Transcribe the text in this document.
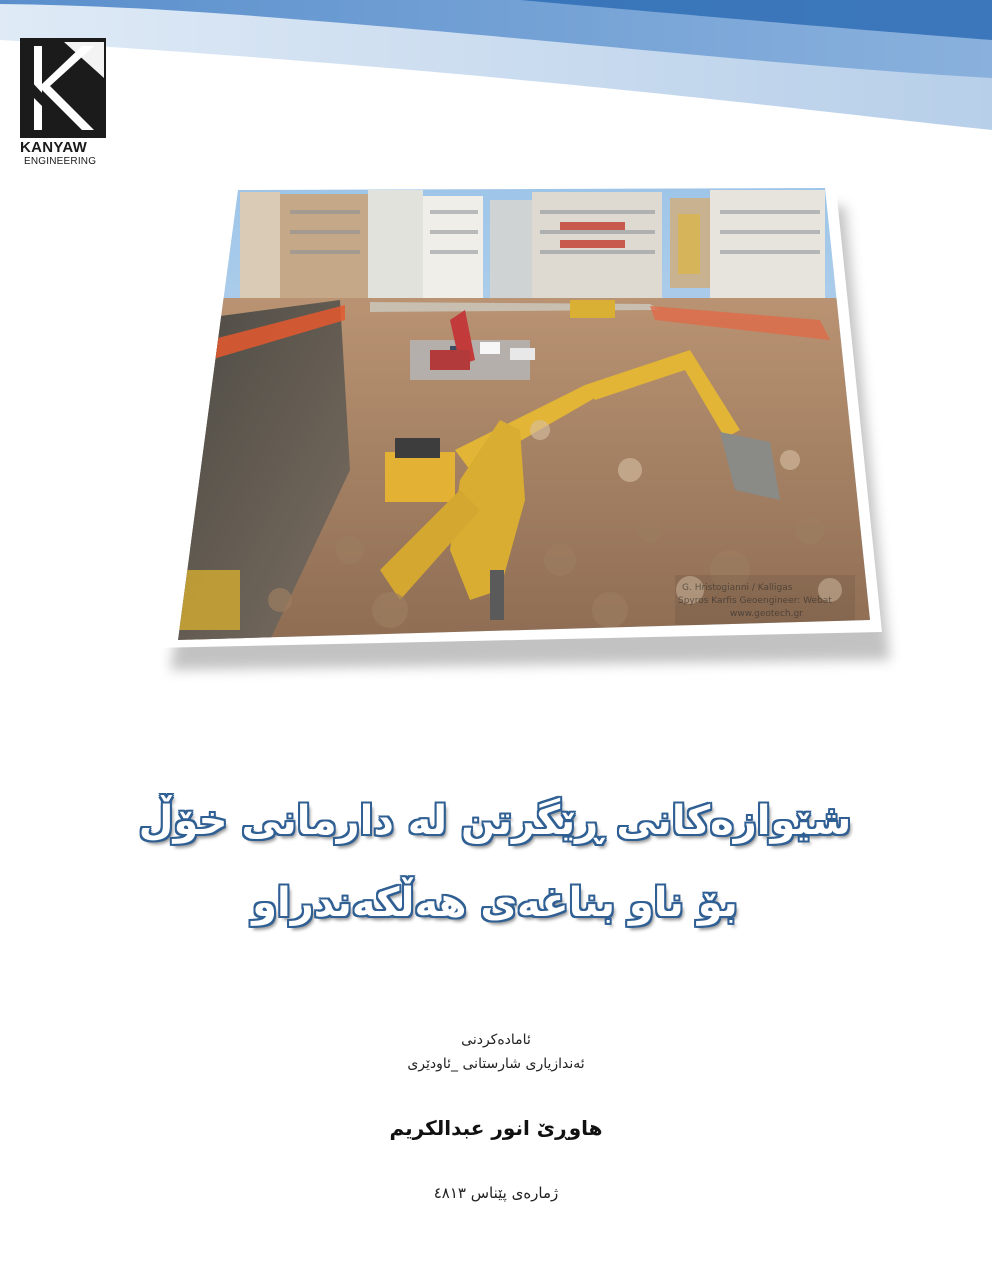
KANYAW
ENGINEERING
G. Hristogianni / Kalligas
Spyros Karfis Geoengineer: Webat
www.geotech.gr
شێوازەکانی ڕێگرتن لە دارمانی خۆڵ
بۆ ناو بناغەی هەڵکەندراو
ئامادەکردنی
ئەندازیاری شارستانی _ئاودێری
هاوڕێ انور عبدالکریم
ژمارەی پێناس ٤٨١٣
